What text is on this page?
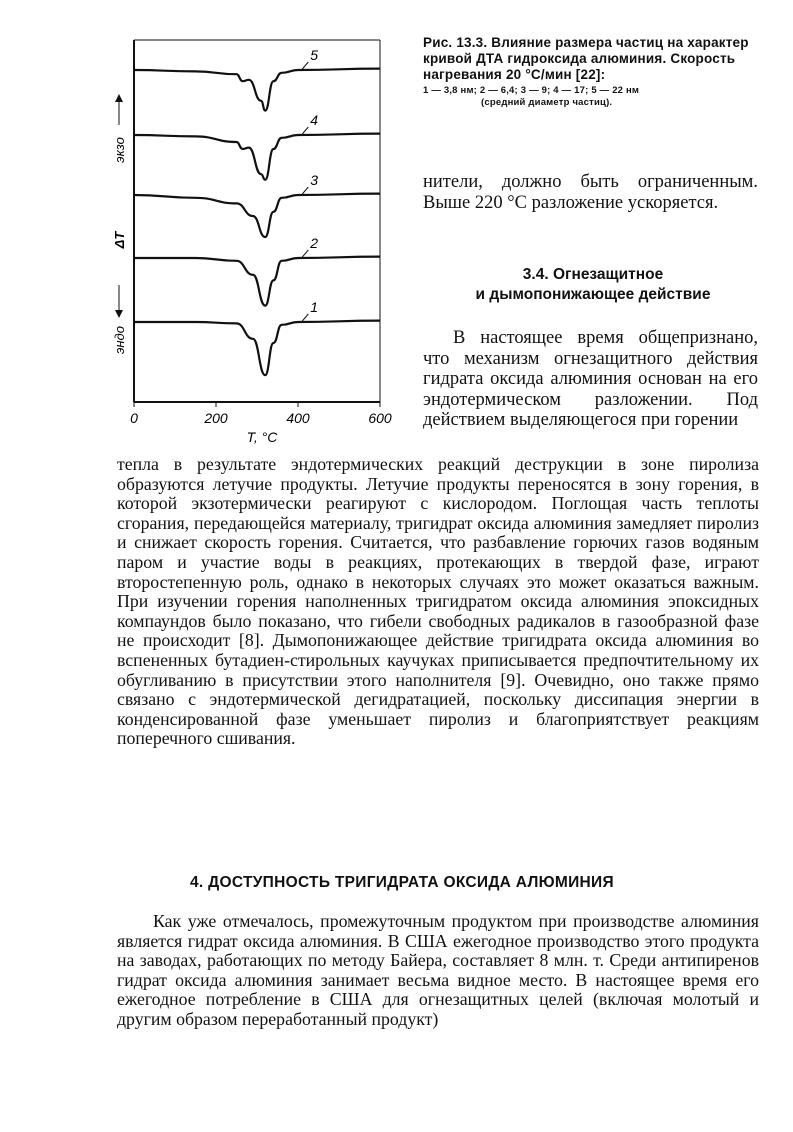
0	200	400	600
1
2
3
4
5
экзо
ΔT
эндо
T, °C
Рис. 13.3. Влияние размера частиц на характер кривой ДТА гидроксида алюминия. Скорость нагревания 20 °С/мин [22]:
1 — 3,8 нм; 2 — 6,4; 3 — 9; 4 — 17; 5 — 22 нм
(средний диаметр частиц).
нители, должно быть ограниченным. Выше 220 °С разложение ускоряется.
3.4. Огнезащитное
и дымопонижающее действие
В настоящее время общепризнано, что механизм огнезащитного действия гидрата оксида алюминия основан на его эндотермическом разложении. Под действием выделяющегося при горении
тепла в результате эндотермических реакций деструкции в зоне пиролиза образуются летучие продукты. Летучие продукты переносятся в зону горения, в которой экзотермически реагируют с кислородом. Поглощая часть теплоты сгорания, передающейся материалу, тригидрат оксида алюминия замедляет пиролиз и снижает скорость горения. Считается, что разбавление горючих газов водяным паром и участие воды в реакциях, протекающих в твердой фазе, играют второстепенную роль, однако в некоторых случаях это может оказаться важным. При изучении горения наполненных тригидратом оксида алюминия эпоксидных компаундов было показано, что гибели свободных радикалов в газообразной фазе не происходит [8]. Дымопонижающее действие тригидрата оксида алюминия во вспененных бутадиен-стирольных каучуках приписывается предпочтительному их обугливанию в присутствии этого наполнителя [9]. Очевидно, оно также прямо связано с эндотермической дегидратацией, поскольку диссипация энергии в конденсированной фазе уменьшает пиролиз и благоприятствует реакциям поперечного сшивания.
4. ДОСТУПНОСТЬ ТРИГИДРАТА ОКСИДА АЛЮМИНИЯ
Как уже отмечалось, промежуточным продуктом при производстве алюминия является гидрат оксида алюминия. В США ежегодное производство этого продукта на заводах, работающих по методу Байера, составляет 8 млн. т. Среди антипиренов гидрат оксида алюминия занимает весьма видное место. В настоящее время его ежегодное потребление в США для огнезащитных целей (включая молотый и другим образом переработанный продукт)
